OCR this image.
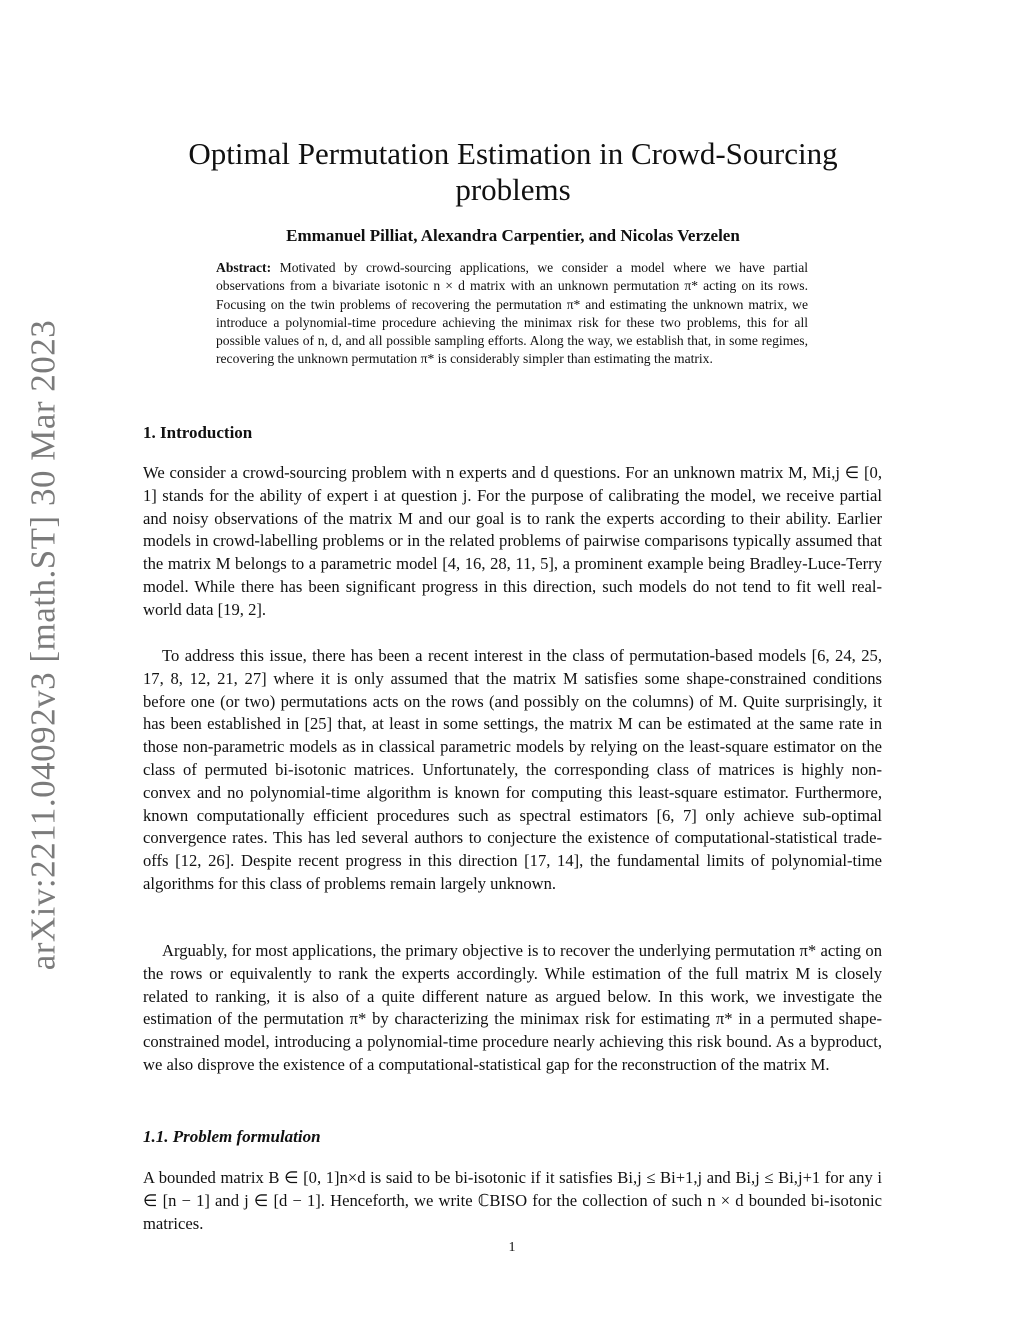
arXiv:2211.04092v3 [math.ST] 30 Mar 2023
Optimal Permutation Estimation in Crowd-Sourcing problems

Emmanuel Pilliat, Alexandra Carpentier, and Nicolas Verzelen

Abstract: Motivated by crowd-sourcing applications, we consider a model where we have partial observations from a bivariate isotonic n × d matrix with an unknown permutation π* acting on its rows. Focusing on the twin problems of recovering the permutation π* and estimating the unknown matrix, we introduce a polynomial-time procedure achieving the minimax risk for these two problems, this for all possible values of n, d, and all possible sampling efforts. Along the way, we establish that, in some regimes, recovering the unknown permutation π* is considerably simpler than estimating the matrix.

1. Introduction

We consider a crowd-sourcing problem with n experts and d questions. For an unknown matrix M, Mi,j ∈ [0, 1] stands for the ability of expert i at question j. For the purpose of calibrating the model, we receive partial and noisy observations of the matrix M and our goal is to rank the experts according to their ability. Earlier models in crowd-labelling problems or in the related problems of pairwise comparisons typically assumed that the matrix M belongs to a parametric model [4, 16, 28, 11, 5], a prominent example being Bradley-Luce-Terry model. While there has been significant progress in this direction, such models do not tend to fit well real-world data [19, 2].

To address this issue, there has been a recent interest in the class of permutation-based models [6, 24, 25, 17, 8, 12, 21, 27] where it is only assumed that the matrix M satisfies some shape-constrained conditions before one (or two) permutations acts on the rows (and possibly on the columns) of M. Quite surprisingly, it has been established in [25] that, at least in some settings, the matrix M can be estimated at the same rate in those non-parametric models as in classical parametric models by relying on the least-square estimator on the class of permuted bi-isotonic matrices. Unfortunately, the corresponding class of matrices is highly non-convex and no polynomial-time algorithm is known for computing this least-square estimator. Furthermore, known computationally efficient procedures such as spectral estimators [6, 7] only achieve sub-optimal convergence rates. This has led several authors to conjecture the existence of computational-statistical trade-offs [12, 26]. Despite recent progress in this direction [17, 14], the fundamental limits of polynomial-time algorithms for this class of problems remain largely unknown.

Arguably, for most applications, the primary objective is to recover the underlying permutation π* acting on the rows or equivalently to rank the experts accordingly. While estimation of the full matrix M is closely related to ranking, it is also of a quite different nature as argued below. In this work, we investigate the estimation of the permutation π* by characterizing the minimax risk for estimating π* in a permuted shape-constrained model, introducing a polynomial-time procedure nearly achieving this risk bound. As a byproduct, we also disprove the existence of a computational-statistical gap for the reconstruction of the matrix M.

1.1. Problem formulation

A bounded matrix B ∈ [0, 1]n×d is said to be bi-isotonic if it satisfies Bi,j ≤ Bi+1,j and Bi,j ≤ Bi,j+1 for any i ∈ [n − 1] and j ∈ [d − 1]. Henceforth, we write ℂBISO for the collection of such n × d bounded bi-isotonic matrices.

1
